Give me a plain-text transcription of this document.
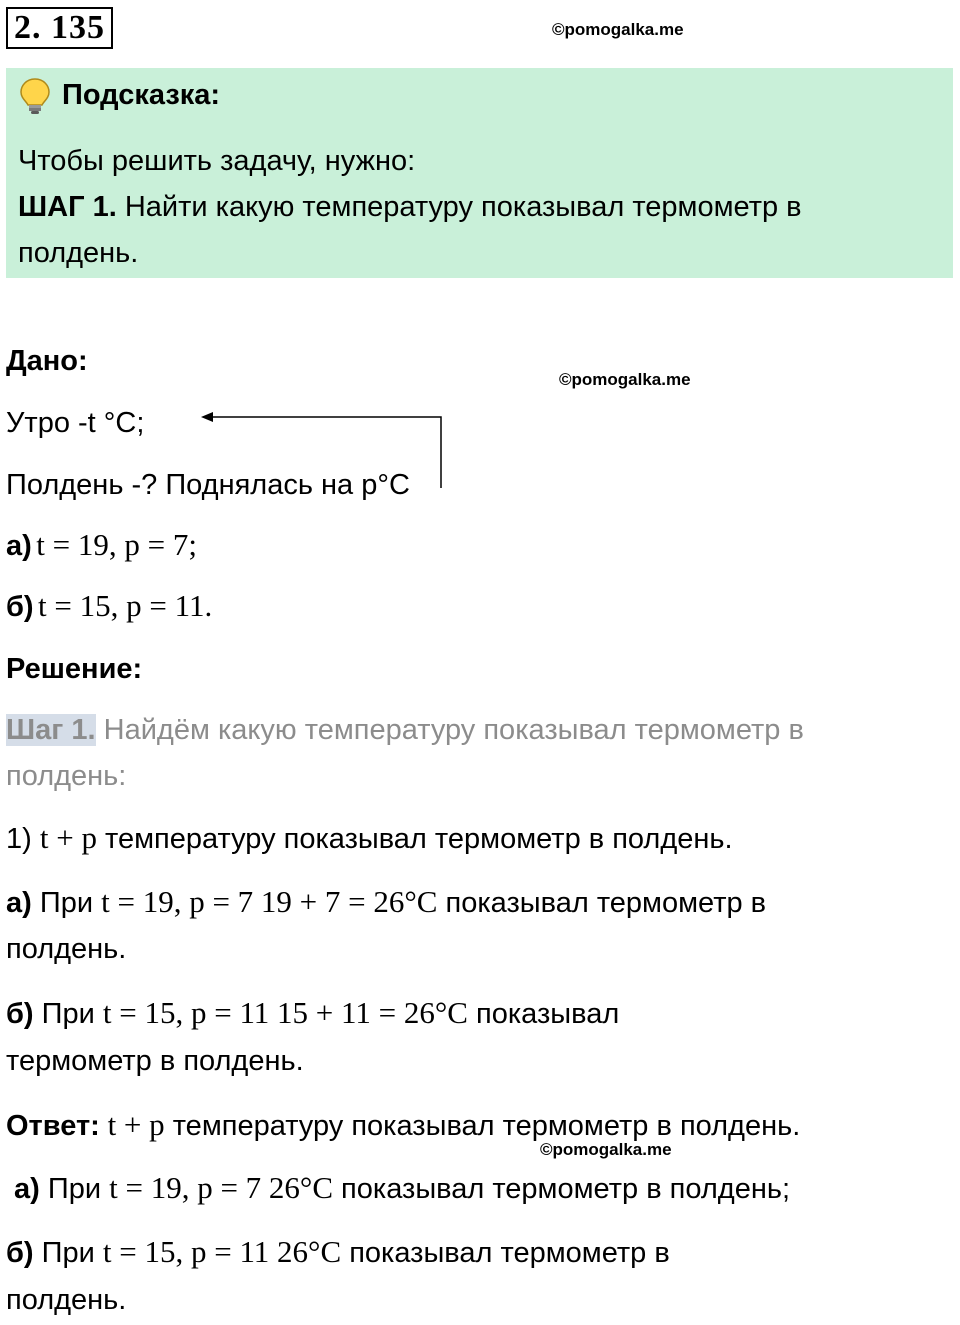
2. 135	©pomogalka.me
Подсказка:
Чтобы решить задачу, нужно:
ШАГ 1. Найти какую температуру показывал термометр в
полдень.
Дано:
©pomogalka.me
Утро -t °C;
Полдень -? Поднялась на p°C
а) t = 19, p = 7;
б) t = 15, p = 11.
Решение:
Шаг 1. Найдём какую температуру показывал термометр в
полдень:
1) t + p температуру показывал термометр в полдень.
а) При t = 19, p = 7 19 + 7 = 26°C показывал термометр в
полдень.
б) При t = 15, p = 11 15 + 11 = 26°C показывал
термометр в полдень.
Ответ: t + p температуру показывал термометр в полдень.
©pomogalka.me
а) При t = 19, p = 7 26°C показывал термометр в полдень;
б) При t = 15, p = 11 26°C показывал термометр в
полдень.
